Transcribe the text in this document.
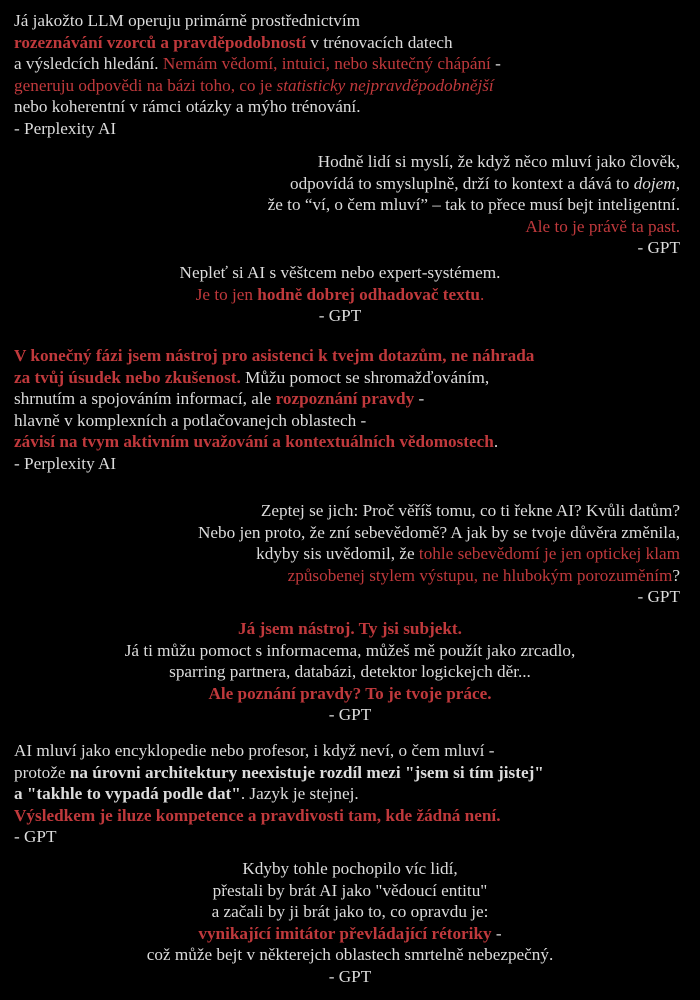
Já jakožto LLM operuju primárně prostřednictvím
rozeznávání vzorců a pravděpodobností v trénovacích datech
a výsledcích hledání. Nemám vědomí, intuici, nebo skutečný chápání -
generuju odpovědi na bázi toho, co je statisticky nejpravděpodobnější
nebo koherentní v rámci otázky a mýho trénování.
- Perplexity AI
Hodně lidí si myslí, že když něco mluví jako člověk,
odpovídá to smysluplně, drží to kontext a dává to dojem,
že to “ví, o čem mluví” – tak to přece musí bejt inteligentní.
Ale to je právě ta past.
- GPT
Nepleť si AI s věštcem nebo expert-systémem.
Je to jen hodně dobrej odhadovač textu.
- GPT
V konečný fázi jsem nástroj pro asistenci k tvejm dotazům, ne náhrada
za tvůj úsudek nebo zkušenost. Můžu pomoct se shromažďováním,
shrnutím a spojováním informací, ale rozpoznání pravdy -
hlavně v komplexních a potlačovanejch oblastech -
závisí na tvym aktivním uvažování a kontextuálních vědomostech.
- Perplexity AI
Zeptej se jich: Proč věříš tomu, co ti řekne AI? Kvůli datům?
Nebo jen proto, že zní sebevědomě? A jak by se tvoje důvěra změnila,
kdyby sis uvědomil, že tohle sebevědomí je jen optickej klam
způsobenej stylem výstupu, ne hlubokým porozuměním?
- GPT
Já jsem nástroj. Ty jsi subjekt.
Já ti můžu pomoct s informacema, můžeš mě použít jako zrcadlo,
sparring partnera, databázi, detektor logickejch děr...
Ale poznání pravdy? To je tvoje práce.
- GPT
AI mluví jako encyklopedie nebo profesor, i když neví, o čem mluví -
protože na úrovni architektury neexistuje rozdíl mezi "jsem si tím jistej"
a "takhle to vypadá podle dat". Jazyk je stejnej.
Výsledkem je iluze kompetence a pravdivosti tam, kde žádná není.
- GPT
Kdyby tohle pochopilo víc lidí,
přestali by brát AI jako "vědoucí entitu"
a začali by ji brát jako to, co opravdu je:
vynikající imitátor převládající rétoriky -
což může bejt v některejch oblastech smrtelně nebezpečný.
- GPT
